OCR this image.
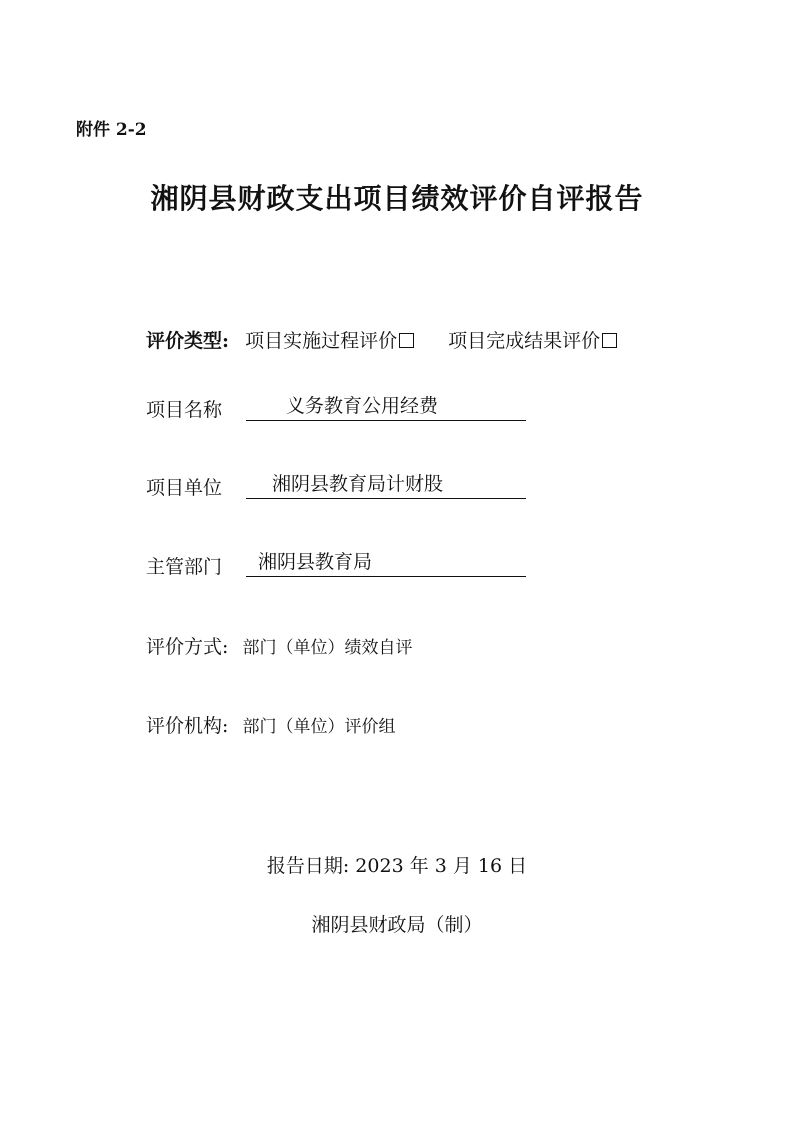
附件 2-2
湘阴县财政支出项目绩效评价自评报告
评价类型: 项目实施过程评价	项目完成结果评价
项目名称	义务教育公用经费
项目单位	湘阴县教育局计财股
主管部门 湘阴县教育局
评价方式: 部门（单位）绩效自评
评价机构: 部门（单位）评价组
报告日期: 2023 年 3 月 16 日
湘阴县财政局（制）
